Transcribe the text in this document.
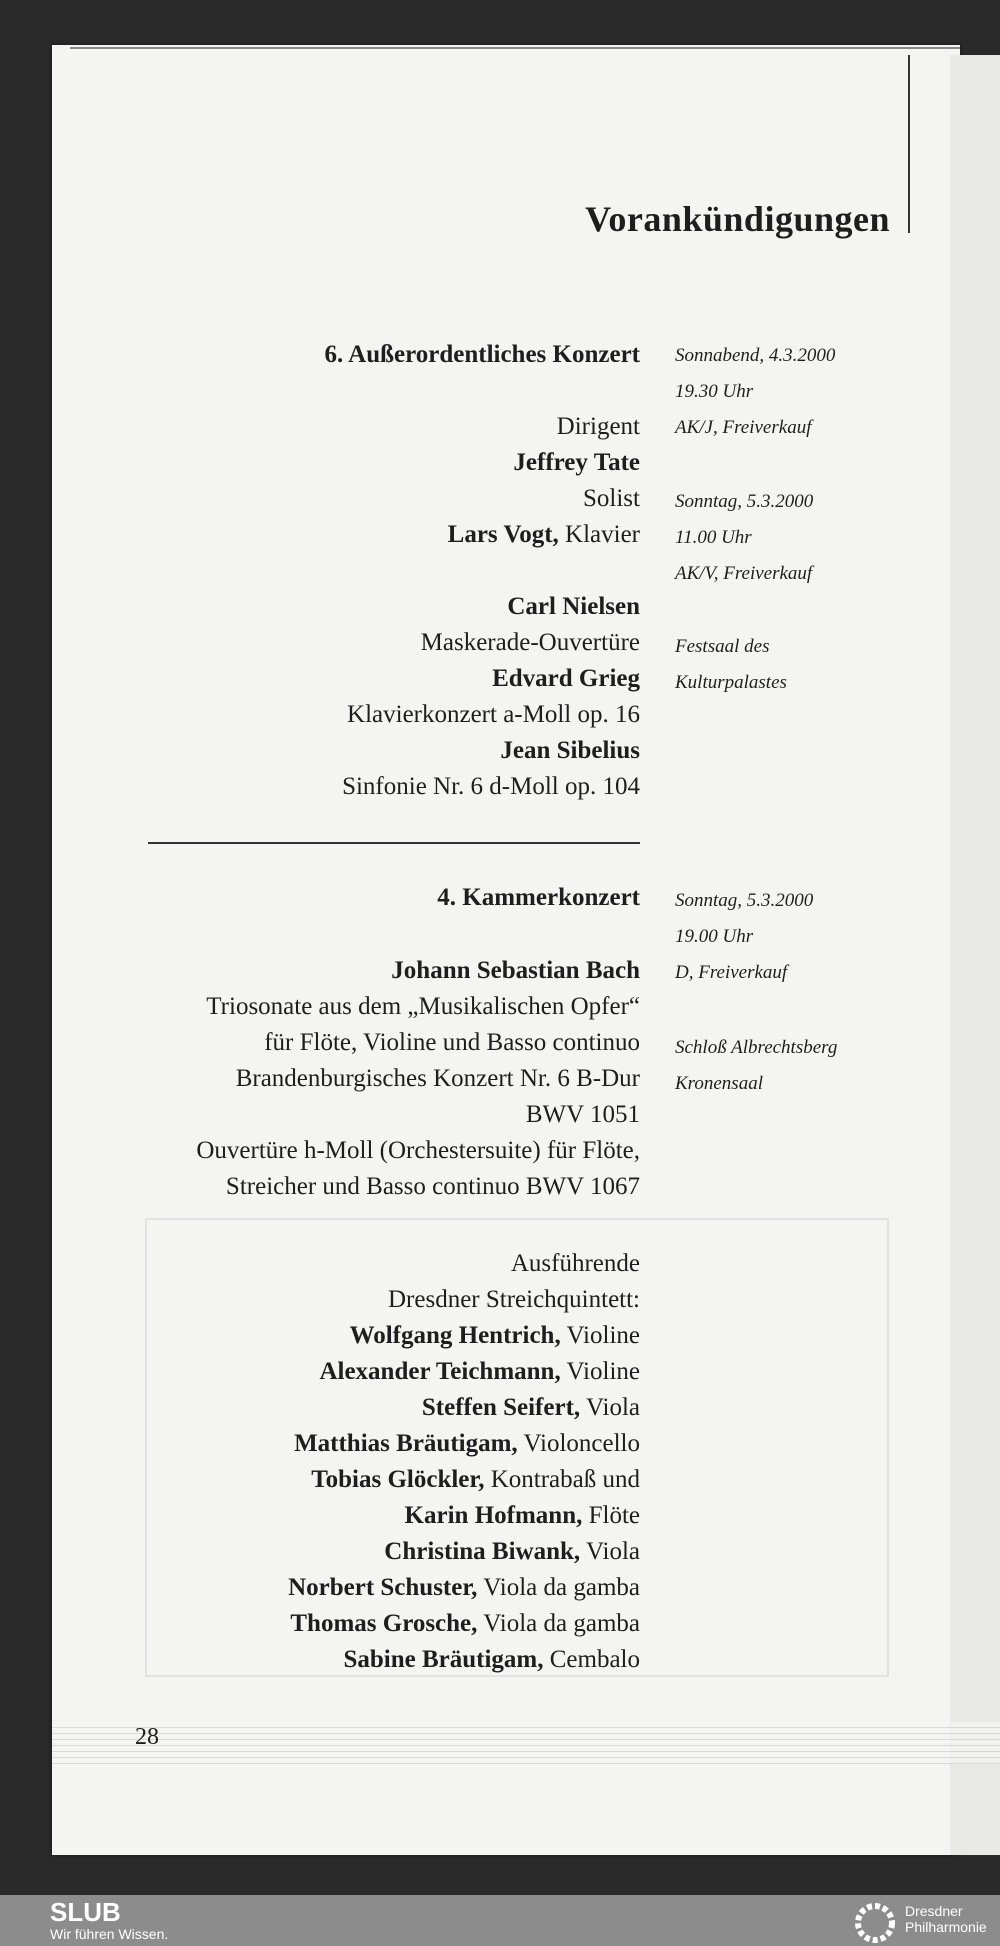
Vorankündigungen
6. Außerordentliches Konzert
Dirigent
Jeffrey Tate
Solist
Lars Vogt, Klavier
Carl Nielsen
Maskerade-Ouvertüre
Edvard Grieg
Klavierkonzert a-Moll op. 16
Jean Sibelius
Sinfonie Nr. 6 d-Moll op. 104
Sonnabend, 4.3.2000
19.30 Uhr
AK/J, Freiverkauf
Sonntag, 5.3.2000
11.00 Uhr
AK/V, Freiverkauf
Festsaal des
Kulturpalastes
4. Kammerkonzert
Johann Sebastian Bach
Triosonate aus dem „Musikalischen Opfer“
für Flöte, Violine und Basso continuo
Brandenburgisches Konzert Nr. 6 B-Dur
BWV 1051
Ouvertüre h-Moll (Orchestersuite) für Flöte,
Streicher und Basso continuo BWV 1067
Sonntag, 5.3.2000
19.00 Uhr
D, Freiverkauf
Schloß Albrechtsberg
Kronensaal
Ausführende
Dresdner Streichquintett:
Wolfgang Hentrich, Violine
Alexander Teichmann, Violine
Steffen Seifert, Viola
Matthias Bräutigam, Violoncello
Tobias Glöckler, Kontrabaß und
Karin Hofmann, Flöte
Christina Biwank, Viola
Norbert Schuster, Viola da gamba
Thomas Grosche, Viola da gamba
Sabine Bräutigam, Cembalo
28
SLUB
Wir führen Wissen.
Dresdner
Philharmonie
